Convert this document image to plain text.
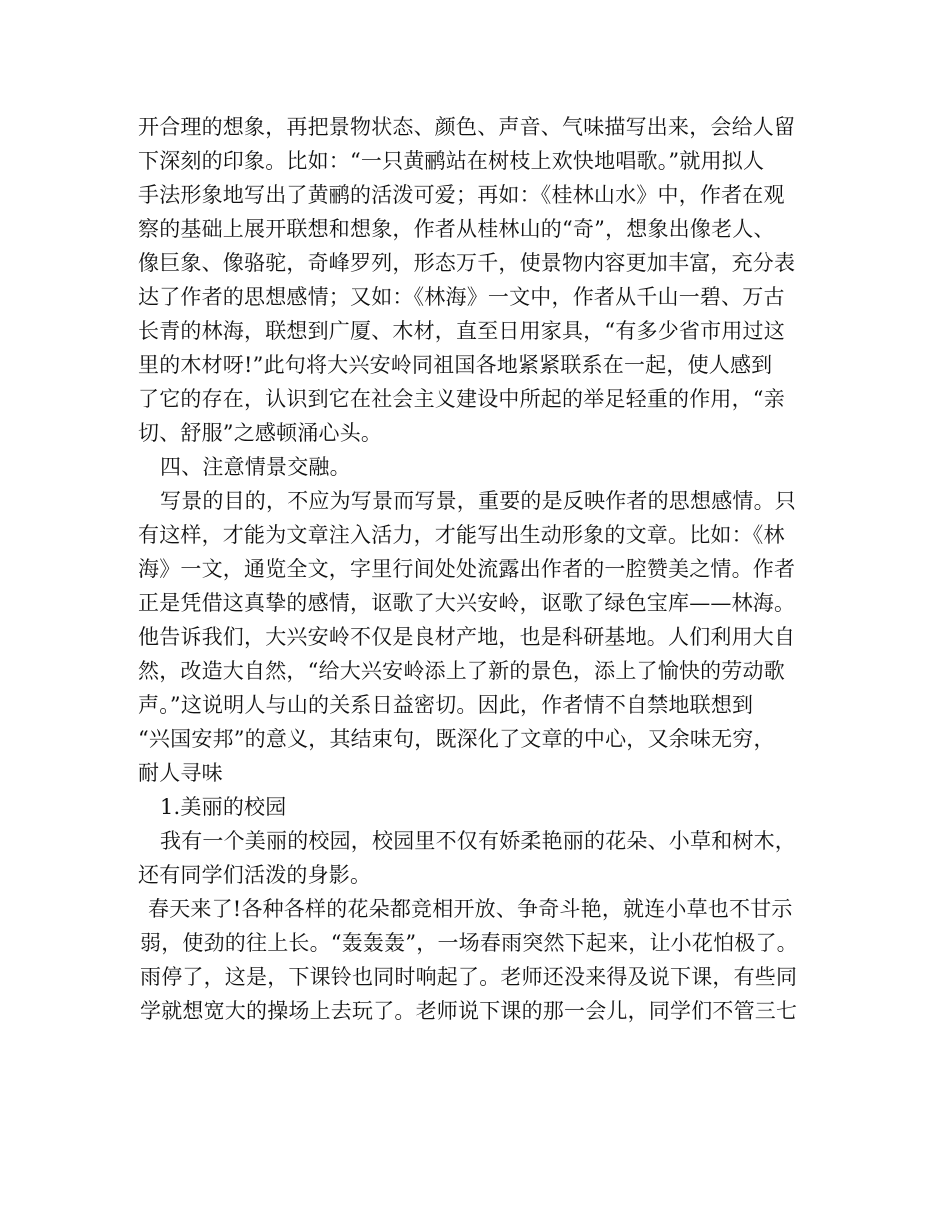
开合理的想象，再把景物状态、颜色、声音、气味描写出来，会给人留
下深刻的印象。比如：“一只黄鹂站在树枝上欢快地唱歌。”就用拟人
手法形象地写出了黄鹂的活泼可爱；再如：《桂林山水》中，作者在观
察的基础上展开联想和想象，作者从桂林山的“奇”，想象出像老人、
像巨象、像骆驼，奇峰罗列，形态万千，使景物内容更加丰富，充分表
达了作者的思想感情；又如：《林海》一文中，作者从千山一碧、万古
长青的林海，联想到广厦、木材，直至日用家具，“有多少省市用过这
里的木材呀!”此句将大兴安岭同祖国各地紧紧联系在一起，使人感到
了它的存在，认识到它在社会主义建设中所起的举足轻重的作用，“亲
切、舒服”之感顿涌心头。
四、注意情景交融。
写景的目的，不应为写景而写景，重要的是反映作者的思想感情。只
有这样，才能为文章注入活力，才能写出生动形象的文章。比如：《林
海》一文，通览全文，字里行间处处流露出作者的一腔赞美之情。作者
正是凭借这真挚的感情，讴歌了大兴安岭，讴歌了绿色宝库——林海。
他告诉我们，大兴安岭不仅是良材产地，也是科研基地。人们利用大自
然，改造大自然，“给大兴安岭添上了新的景色，添上了愉快的劳动歌
声。”这说明人与山的关系日益密切。因此，作者情不自禁地联想到
“兴国安邦”的意义，其结束句，既深化了文章的中心，又余味无穷，
耐人寻味
1.美丽的校园
我有一个美丽的校园，校园里不仅有娇柔艳丽的花朵、小草和树木，
还有同学们活泼的身影。
春天来了!各种各样的花朵都竞相开放、争奇斗艳，就连小草也不甘示
弱，使劲的往上长。“轰轰轰”，一场春雨突然下起来，让小花怕极了。
雨停了，这是，下课铃也同时响起了。老师还没来得及说下课，有些同
学就想宽大的操场上去玩了。老师说下课的那一会儿，同学们不管三七
